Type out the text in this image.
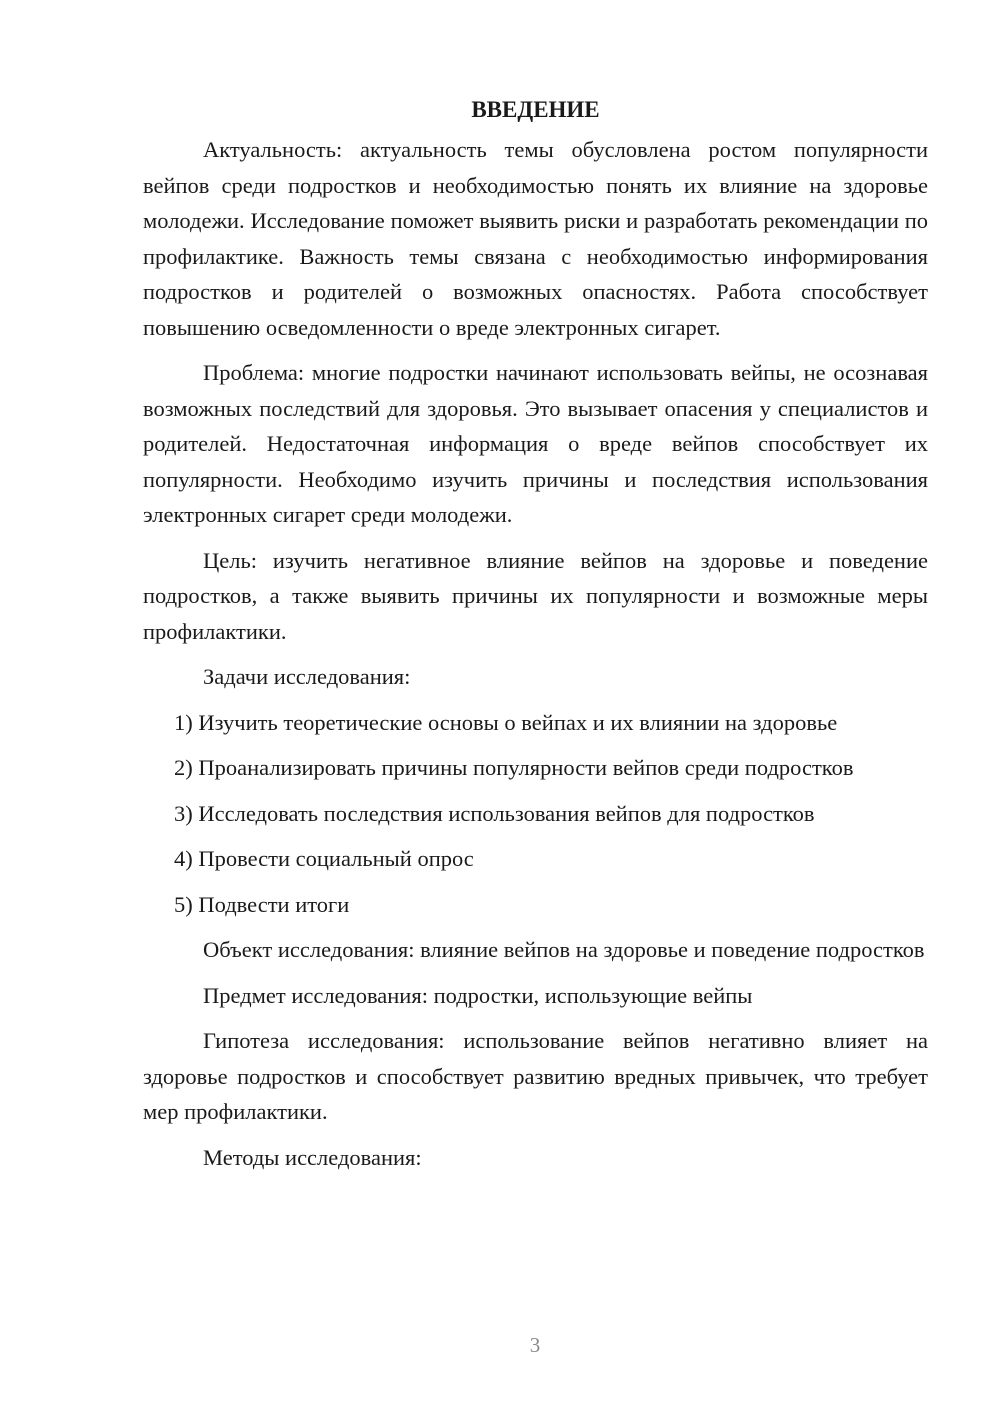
ВВЕДЕНИЕ

Актуальность: актуальность темы обусловлена ростом популярности вейпов среди подростков и необходимостью понять их влияние на здоровье молодежи. Исследование поможет выявить риски и разработать рекомендации по профилактике. Важность темы связана с необходимостью информирования подростков и родителей о возможных опасностях. Работа способствует повышению осведомленности о вреде электронных сигарет.

Проблема: многие подростки начинают использовать вейпы, не осознавая возможных последствий для здоровья. Это вызывает опасения у специалистов и родителей. Недостаточная информация о вреде вейпов способствует их популярности. Необходимо изучить причины и последствия использования электронных сигарет среди молодежи.

Цель: изучить негативное влияние вейпов на здоровье и поведение подростков, а также выявить причины их популярности и возможные меры профилактики.

Задачи исследования:

1) Изучить теоретические основы о вейпах и их влиянии на здоровье

2) Проанализировать причины популярности вейпов среди подростков

3) Исследовать последствия использования вейпов для подростков

4) Провести социальный опрос

5) Подвести итоги

Объект исследования: влияние вейпов на здоровье и поведение подростков

Предмет исследования: подростки, использующие вейпы

Гипотеза исследования: использование вейпов негативно влияет на здоровье подростков и способствует развитию вредных привычек, что требует мер профилактики.

Методы исследования:

3
